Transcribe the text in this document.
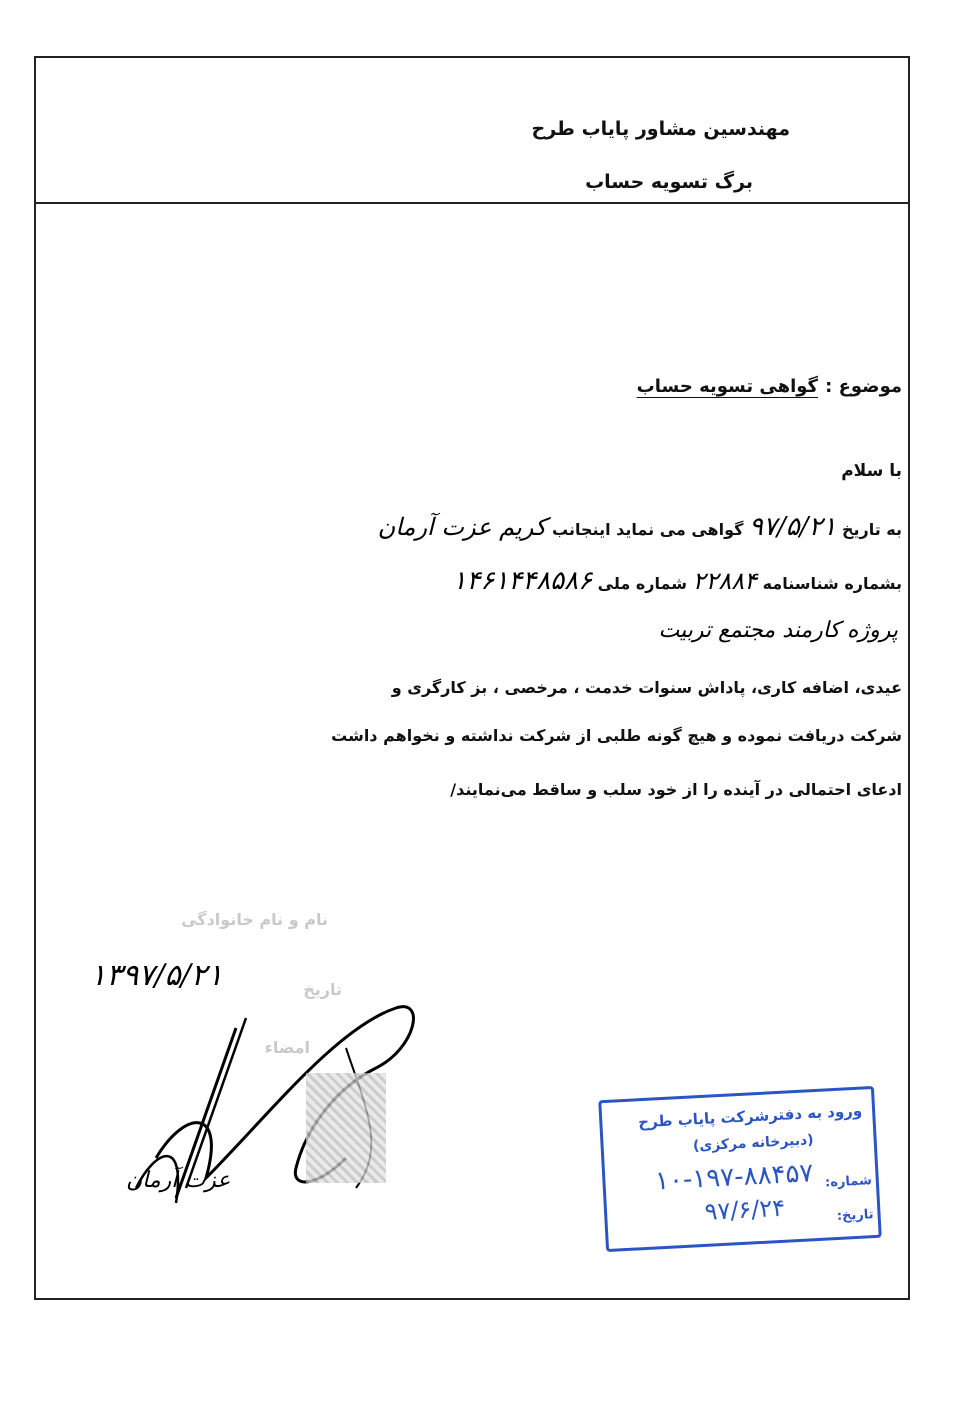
مهندسین مشاور پایاب طرح
برگ تسویه حساب
موضوع :
گواهی تسویه حساب
با سلام
به تاریخ ۹۷/۵/۲۱ گواهی می نماید اینجانب کریم عزت آرمان
بشماره شناسنامه ۲۲۸۸۴ شماره ملی ۱۴۶۱۴۴۸۵۸۶
پروژه کارمند مجتمع تربیت
عیدی، اضافه کاری، پاداش سنوات خدمت ، مرخصی ، بز کارگری و
شرکت دریافت نموده و هیچ گونه طلبی از شرکت نداشته و نخواهم داشت
ادعای احتمالی در آینده را از خود سلب و ساقط می‌نمایند/
نام و نام خانوادگی
تاریخ
امضاء
۱۳۹۷/۵/۲۱
عزت آرمان
ورود به دفترشرکت پایاب طرح
(دبیرخانه مرکزی)
شماره:
۱۰-۱۹۷-۸۸۴۵۷
تاریخ:
۹۷/۶/۲۴
